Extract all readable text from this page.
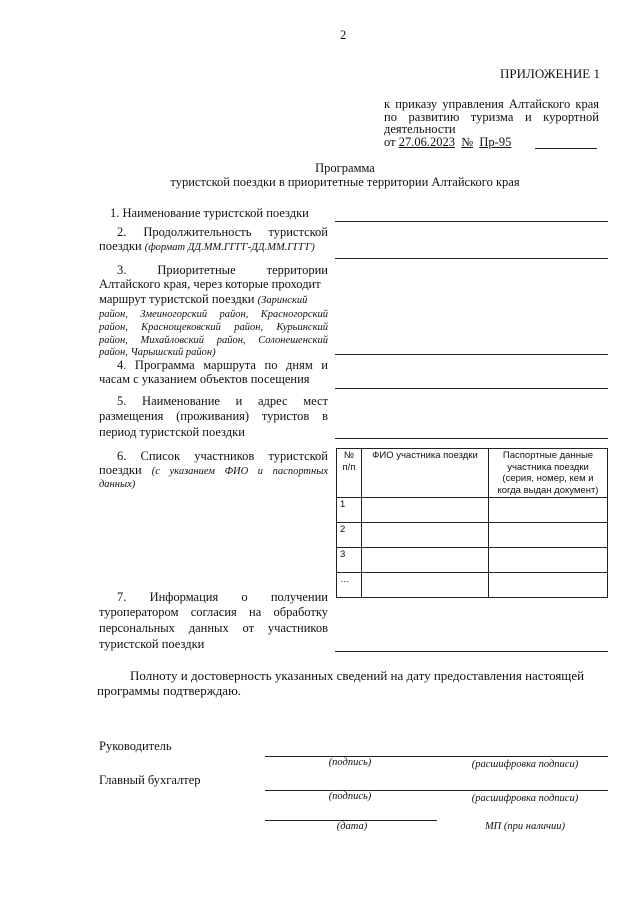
2
ПРИЛОЖЕНИЕ 1
к приказу управления Алтайского края
по развитию туризма и курортной
деятельности
от 27.06.2023 № Пр-95
Программа
туристской поездки в приоритетные территории Алтайского края
1. Наименование туристской поездки
2. Продолжительность туристской
поездки (формат ДД.ММ.ГГГГ-ДД.ММ.ГГГГ)
3. Приоритетные территории
Алтайского края, через которые проходит
маршрут туристской поездки (Заринский
район, Змеиногорский район, Красногорский
район, Краснощековский район, Курьинский
район, Михайловский район, Солонешенский
район, Чарышский район)
4. Программа маршрута по дням и
часам с указанием объектов посещения
5. Наименование и адрес мест
размещения (проживания) туристов в
период туристской поездки
6. Список участников туристской
поездки (с указанием ФИО и паспортных
данных)
№ п/п	ФИО участника поездки	Паспортные данные участника поездки (серия, номер, кем и когда выдан документ)
1		
2		
3		
…		
7. Информация о получении
туроператором согласия на обработку
персональных данных от участников
туристской поездки
Полноту и достоверность указанных сведений на дату предоставления настоящей
программы подтверждаю.
Руководитель
(подпись)	(расшифровка подписи)
Главный бухгалтер
(подпись)	(расшифровка подписи)
(дата)	МП (при наличии)
